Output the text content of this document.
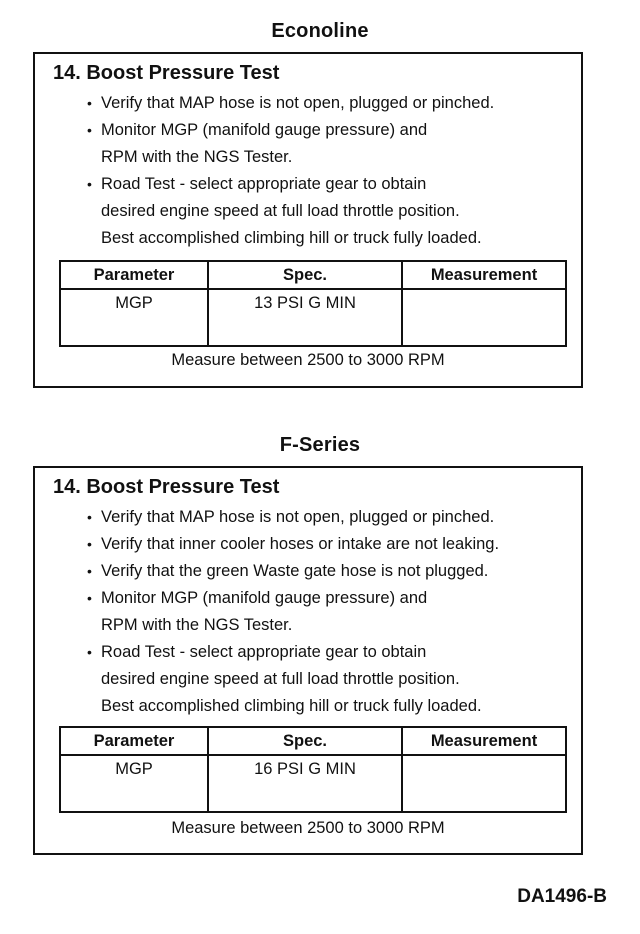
Econoline
14. Boost Pressure Test
• Verify that MAP hose is not open, plugged or pinched.
• Monitor MGP (manifold gauge pressure) and
RPM with the NGS Tester.
• Road Test - select appropriate gear to obtain
desired engine speed at full load throttle position.
Best accomplished climbing hill or truck fully loaded.
Parameter	Spec.	Measurement
MGP	13 PSI G MIN	
Measure between 2500 to 3000 RPM
F-Series
14. Boost Pressure Test
• Verify that MAP hose is not open, plugged or pinched.
• Verify that inner cooler hoses or intake are not leaking.
• Verify that the green Waste gate hose is not plugged.
• Monitor MGP (manifold gauge pressure) and
RPM with the NGS Tester.
• Road Test - select appropriate gear to obtain
desired engine speed at full load throttle position.
Best accomplished climbing hill or truck fully loaded.
Parameter	Spec.	Measurement
MGP	16 PSI G MIN	
Measure between 2500 to 3000 RPM
DA1496-B
